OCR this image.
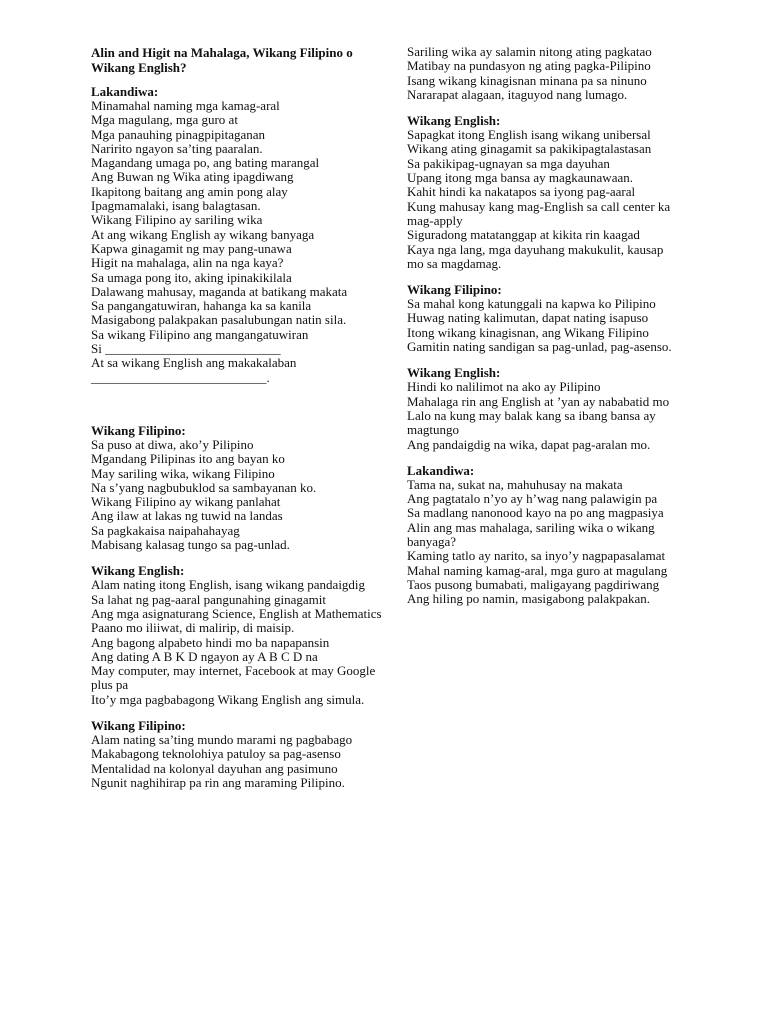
Alin and Higit na Mahalaga, Wikang Filipino o Wikang English?

Lakandiwa:

Minamahal naming mga kamag-aral

Mga magulang, mga guro at

Mga panauhing pinagpipitaganan

Naririto ngayon sa’ting paaralan.

Magandang umaga po, ang bating marangal

Ang Buwan ng Wika ating ipagdiwang

Ikapitong baitang ang amin pong alay

Ipagmamalaki, isang balagtasan.

Wikang Filipino ay sariling wika

At ang wikang English ay wikang banyaga

Kapwa ginagamit ng may pang-unawa

Higit na mahalaga, alin na nga kaya?

Sa umaga pong ito, aking ipinakikilala

Dalawang mahusay, maganda at batikang makata

Sa pangangatuwiran, hahanga ka sa kanila

Masigabong palakpakan pasalubungan natin sila.

Sa wikang Filipino ang mangangatuwiran

Si ___________________________

At sa wikang English ang makakalaban

___________________________.

Wikang Filipino:

Sa puso at diwa, ako’y Pilipino

Mgandang Pilipinas ito ang bayan ko

May sariling wika, wikang Filipino

Na s’yang nagbubuklod sa sambayanan ko.

Wikang Filipino ay wikang panlahat

Ang ilaw at lakas ng tuwid na landas

Sa pagkakaisa naipahahayag

Mabisang kalasag tungo sa pag-unlad.

Wikang English:

Alam nating itong English, isang wikang pandaigdig

Sa lahat ng pag-aaral pangunahing ginagamit

Ang mga asignaturang Science, English at Mathematics

Paano mo iliiwat, di malirip, di maisip.

Ang bagong alpabeto hindi mo ba napapansin

Ang dating A B K D ngayon ay A B C D na

May computer, may internet, Facebook at may Google plus pa

Ito’y mga pagbabagong Wikang English ang simula.

Wikang Filipino:

Alam nating sa’ting mundo marami ng pagbabago

Makabagong teknolohiya patuloy sa pag-asenso

Mentalidad na kolonyal dayuhan ang pasimuno

Ngunit naghihirap pa rin ang maraming Pilipino.

Sariling wika ay salamin nitong ating pagkatao

Matibay na pundasyon ng ating pagka-Pilipino

Isang wikang kinagisnan minana pa sa ninuno

Nararapat alagaan, itaguyod nang lumago.

Wikang English:

Sapagkat itong English isang wikang unibersal

Wikang ating ginagamit sa pakikipagtalastasan

Sa pakikipag-ugnayan sa mga dayuhan

Upang itong mga bansa ay magkaunawaan.

Kahit hindi ka nakatapos sa iyong pag-aaral

Kung mahusay kang mag-English sa call center ka mag-apply

Siguradong matatanggap at kikita rin kaagad

Kaya nga lang, mga dayuhang makukulit, kausap mo sa magdamag.

Wikang Filipino:

Sa mahal kong katunggali na kapwa ko Pilipino

Huwag nating kalimutan, dapat nating isapuso

Itong wikang kinagisnan, ang Wikang Filipino

Gamitin nating sandigan sa pag-unlad, pag-asenso.

Wikang English:

Hindi ko nalilimot na ako ay Pilipino

Mahalaga rin ang English at ’yan ay nababatid mo

Lalo na kung may balak kang sa ibang bansa ay magtungo

Ang pandaigdig na wika, dapat pag-aralan mo.

Lakandiwa:

Tama na, sukat na, mahuhusay na makata

Ang pagtatalo n’yo ay h’wag nang palawigin pa

Sa madlang nanonood kayo na po ang magpasiya

Alin ang mas mahalaga, sariling wika o wikang banyaga?

Kaming tatlo ay narito, sa inyo’y nagpapasalamat

Mahal naming kamag-aral, mga guro at magulang

Taos pusong bumabati, maligayang pagdiriwang

Ang hiling po namin, masigabong palakpakan.
